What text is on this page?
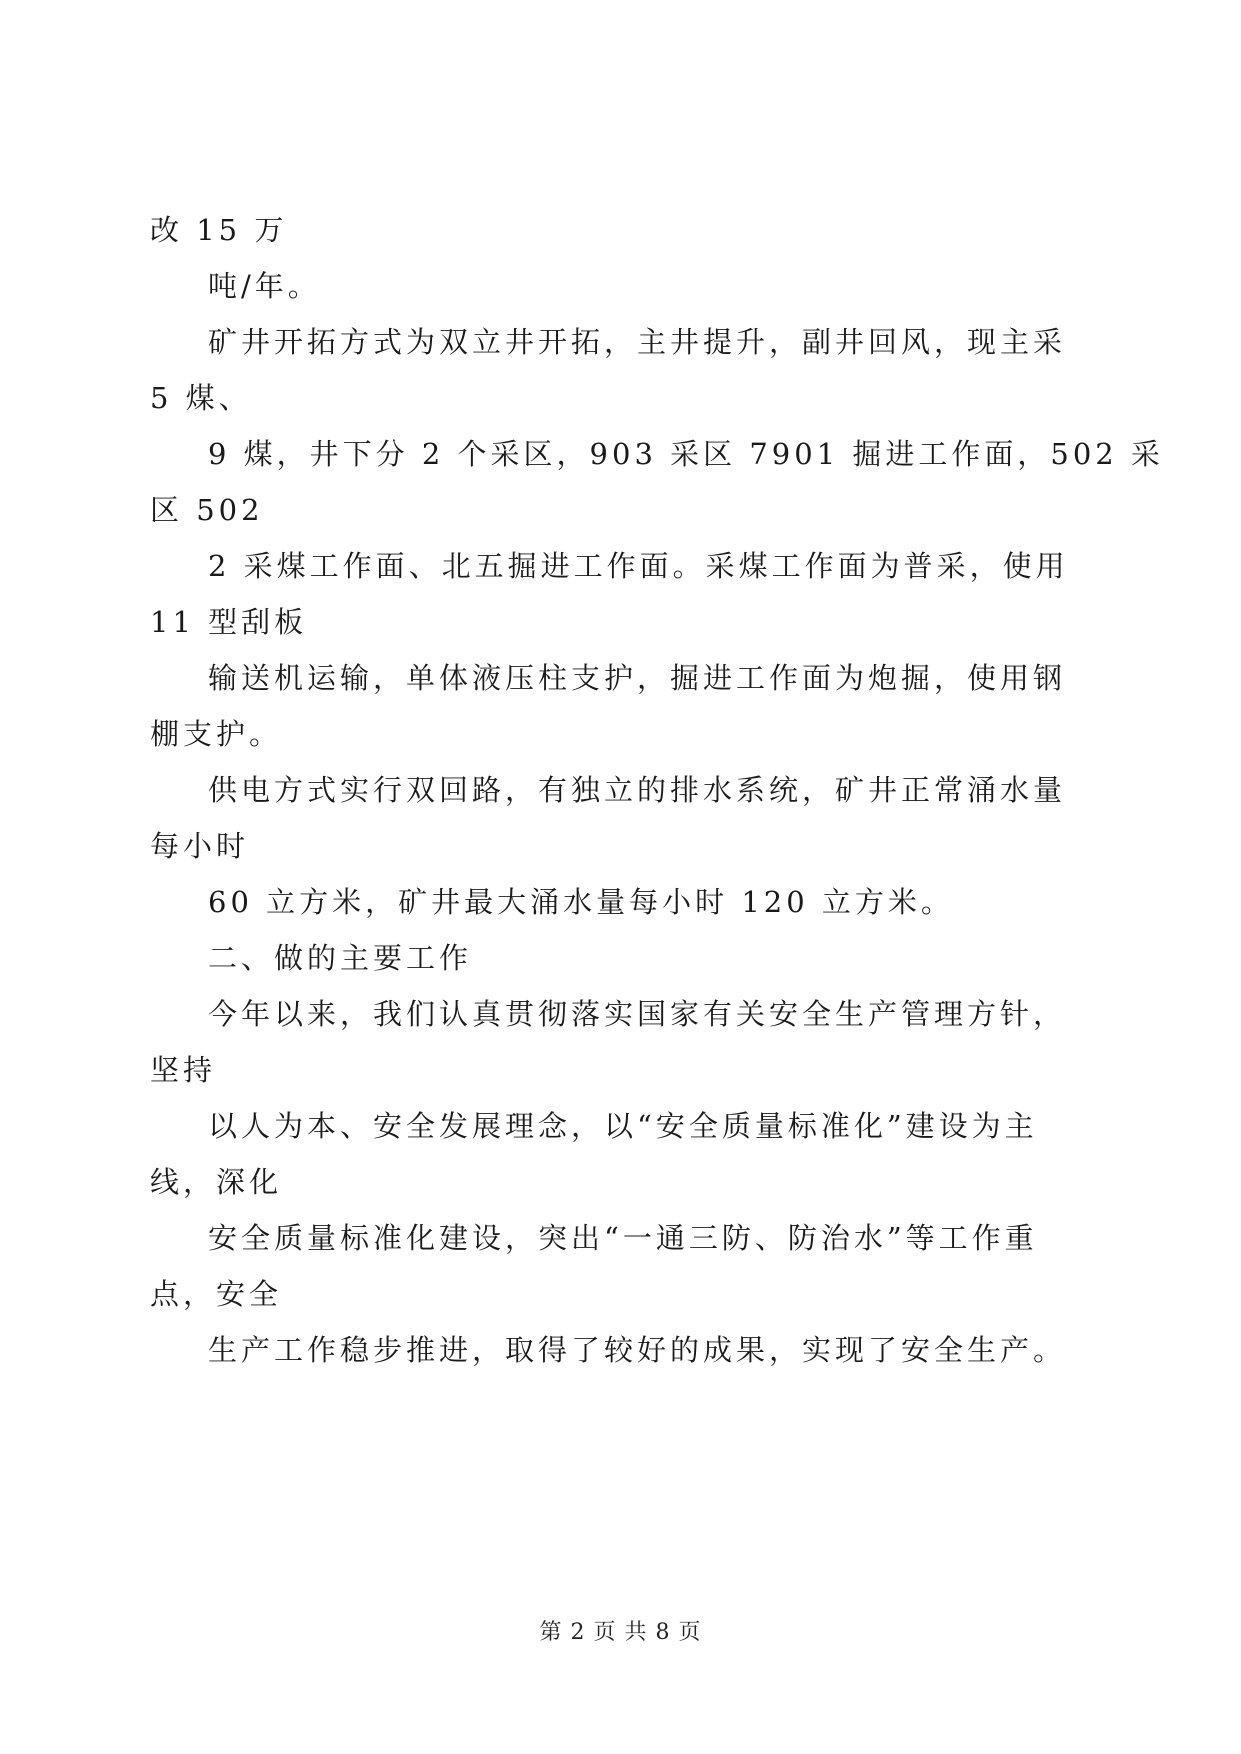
改 15 万
吨/年。
矿井开拓方式为双立井开拓，主井提升，副井回风，现主采
5 煤、
9 煤，井下分 2 个采区，903 采区 7901 掘进工作面，502 采
区 502
2 采煤工作面、北五掘进工作面。采煤工作面为普采，使用
11 型刮板
输送机运输，单体液压柱支护，掘进工作面为炮掘，使用钢
棚支护。
供电方式实行双回路，有独立的排水系统，矿井正常涌水量
每小时
60 立方米，矿井最大涌水量每小时 120 立方米。
二、做的主要工作
今年以来，我们认真贯彻落实国家有关安全生产管理方针，
坚持
以人为本、安全发展理念，以“安全质量标准化”建设为主
线，深化
安全质量标准化建设，突出“一通三防、防治水”等工作重
点，安全
生产工作稳步推进，取得了较好的成果，实现了安全生产。
第 2 页 共 8 页
